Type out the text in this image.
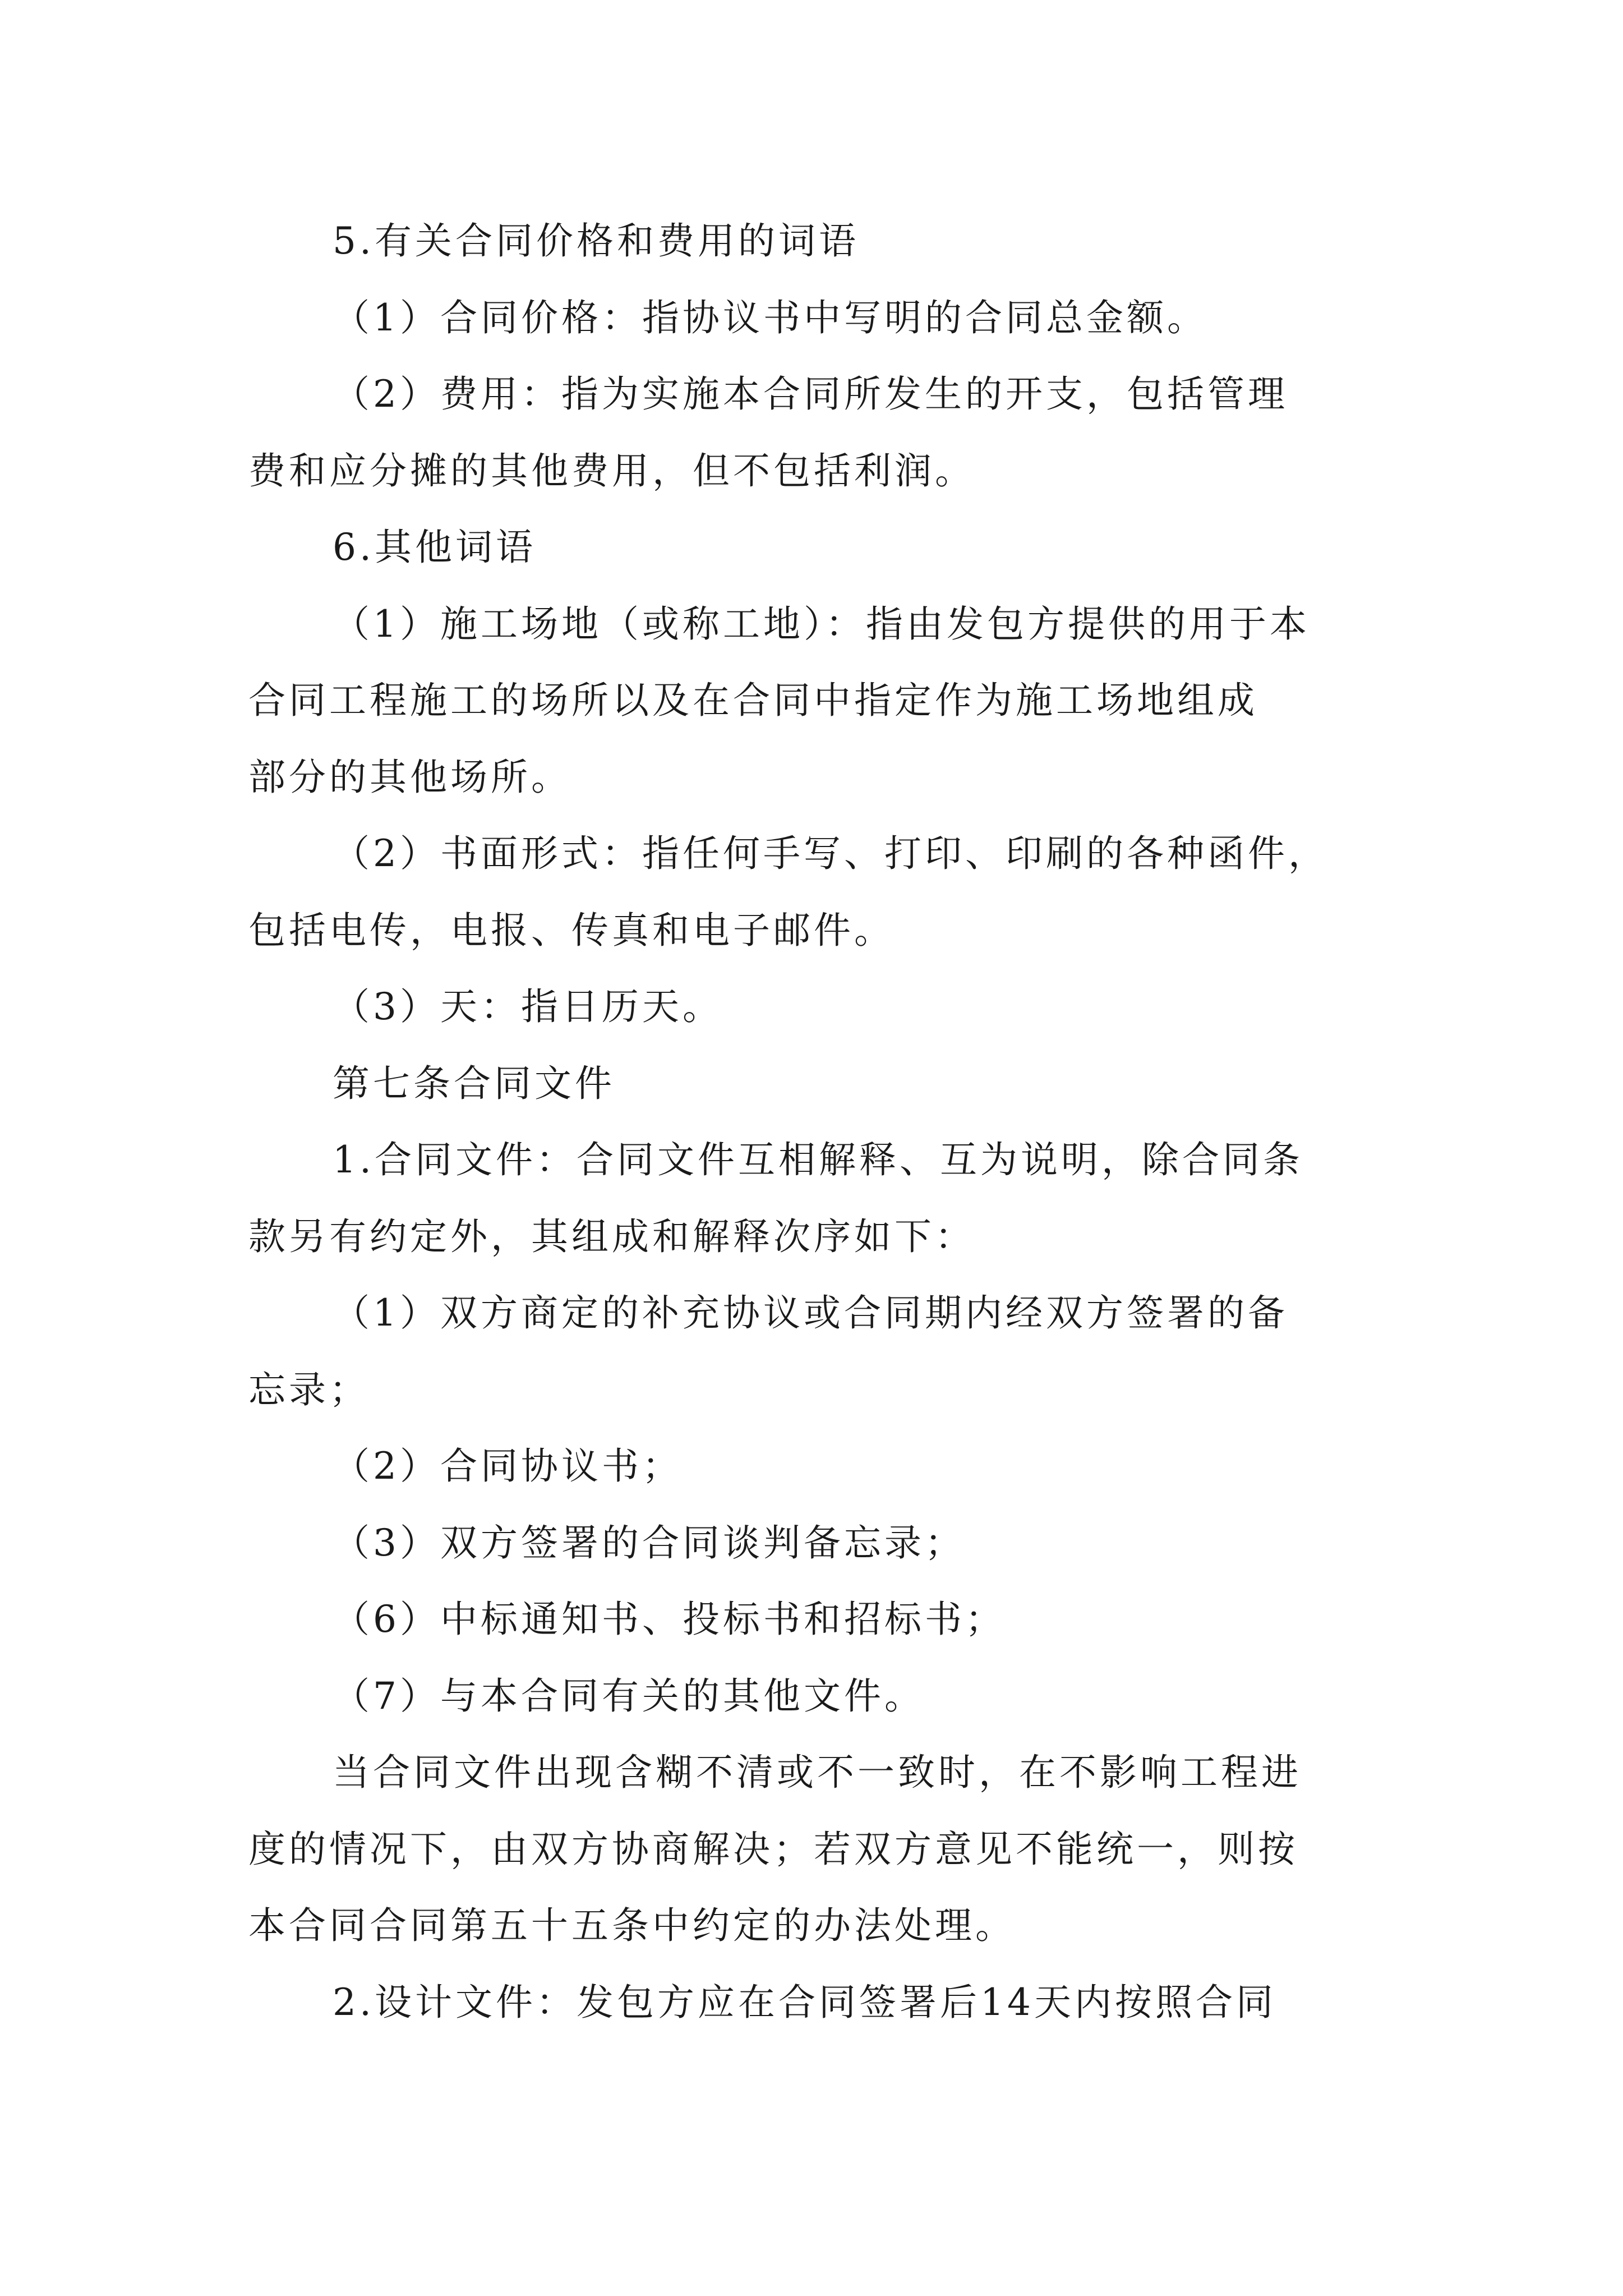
5.有关合同价格和费用的词语

（1）合同价格：指协议书中写明的合同总金额。

（2）费用：指为实施本合同所发生的开支，包括管理
费和应分摊的其他费用，但不包括利润。

6.其他词语

（1）施工场地（或称工地）：指由发包方提供的用于本
合同工程施工的场所以及在合同中指定作为施工场地组成
部分的其他场所。

（2）书面形式：指任何手写、打印、印刷的各种函件，
包括电传，电报、传真和电子邮件。

（3）天：指日历天。

第七条合同文件

1.合同文件：合同文件互相解释、互为说明，除合同条
款另有约定外，其组成和解释次序如下：

（1）双方商定的补充协议或合同期内经双方签署的备
忘录；

（2）合同协议书；

（3）双方签署的合同谈判备忘录；

（6）中标通知书、投标书和招标书；

（7）与本合同有关的其他文件。

当合同文件出现含糊不清或不一致时，在不影响工程进
度的情况下，由双方协商解决；若双方意见不能统一，则按
本合同合同第五十五条中约定的办法处理。

2.设计文件：发包方应在合同签署后14天内按照合同
